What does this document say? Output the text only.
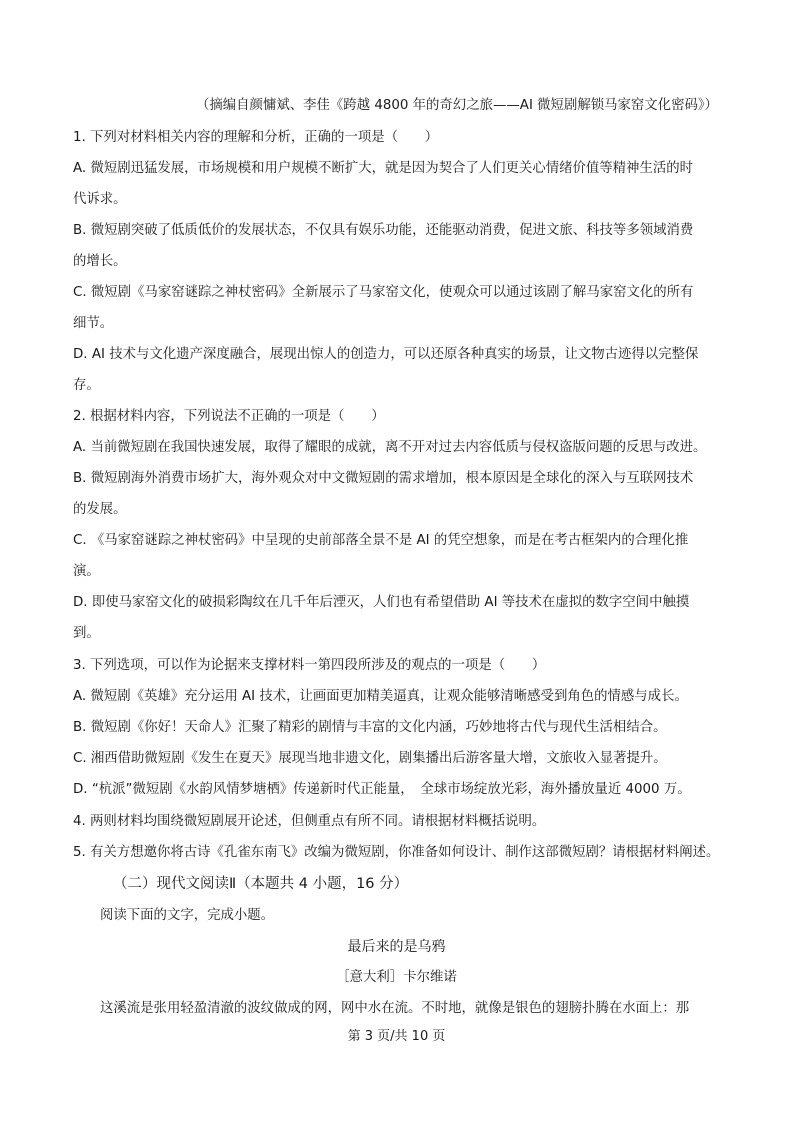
（摘编自颜慵斌、李佳《跨越 4800 年的奇幻之旅——AI 微短剧解锁马家窑文化密码》）
1. 下列对材料相关内容的理解和分析，正确的一项是（　　）
A. 微短剧迅猛发展，市场规模和用户规模不断扩大，就是因为契合了人们更关心情绪价值等精神生活的时
代诉求。
B. 微短剧突破了低质低价的发展状态，不仅具有娱乐功能，还能驱动消费，促进文旅、科技等多领域消费
的增长。
C. 微短剧《马家窑谜踪之神杖密码》全新展示了马家窑文化，使观众可以通过该剧了解马家窑文化的所有
细节。
D. AI 技术与文化遗产深度融合，展现出惊人的创造力，可以还原各种真实的场景，让文物古迹得以完整保
存。
2. 根据材料内容，下列说法不正确的一项是（　　）
A. 当前微短剧在我国快速发展，取得了耀眼的成就，离不开对过去内容低质与侵权盗版问题的反思与改进。
B. 微短剧海外消费市场扩大，海外观众对中文微短剧的需求增加，根本原因是全球化的深入与互联网技术
的发展。
C. 《马家窑谜踪之神杖密码》中呈现的史前部落全景不是 AI 的凭空想象，而是在考古框架内的合理化推
演。
D. 即使马家窑文化的破损彩陶纹在几千年后湮灭，人们也有希望借助 AI 等技术在虚拟的数字空间中触摸
到。
3. 下列选项，可以作为论据来支撑材料一第四段所涉及的观点的一项是（　　）
A. 微短剧《英雄》充分运用 AI 技术，让画面更加精美逼真，让观众能够清晰感受到角色的情感与成长。
B. 微短剧《你好！天命人》汇聚了精彩的剧情与丰富的文化内涵，巧妙地将古代与现代生活相结合。
C. 湘西借助微短剧《发生在夏天》展现当地非遗文化，剧集播出后游客量大增，文旅收入显著提升。
D. “杭派”微短剧《水韵风情梦塘栖》传递新时代正能量，　全球市场绽放光彩，海外播放量近 4000 万。
4. 两则材料均围绕微短剧展开论述，但侧重点有所不同。请根据材料概括说明。
5. 有关方想邀你将古诗《孔雀东南飞》改编为微短剧，你准备如何设计、制作这部微短剧？请根据材料阐述。
（二）现代文阅读Ⅱ（本题共 4 小题，16 分）
阅读下面的文字，完成小题。
最后来的是乌鸦
［意大利］卡尔维诺
这溪流是张用轻盈清澈的波纹做成的网，网中水在流。不时地，就像是银色的翅膀扑腾在水面上：那
第 3 页/共 10 页
